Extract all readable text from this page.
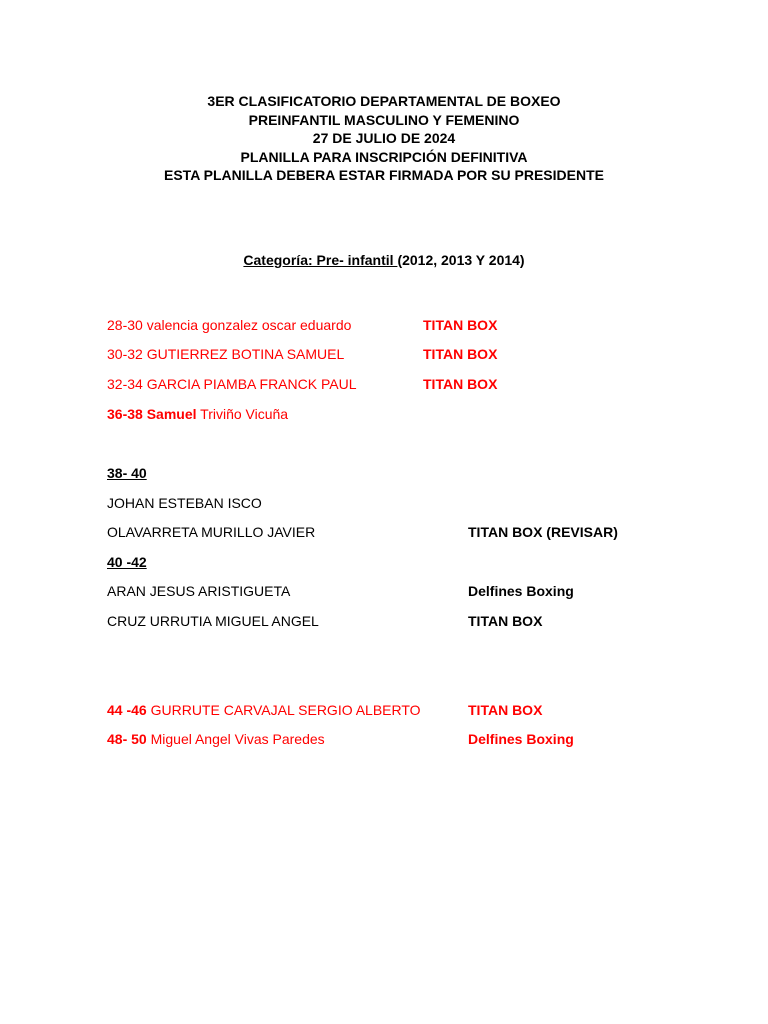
3ER CLASIFICATORIO DEPARTAMENTAL DE BOXEO
PREINFANTIL MASCULINO Y FEMENINO
27 DE JULIO DE 2024
PLANILLA PARA INSCRIPCIÓN DEFINITIVA
ESTA PLANILLA DEBERA ESTAR FIRMADA POR SU PRESIDENTE
Categoría: Pre- infantil (2012, 2013 Y 2014)
28-30 valencia gonzalez oscar eduardo	TITAN BOX
30-32 GUTIERREZ BOTINA SAMUEL	TITAN BOX
32-34 GARCIA PIAMBA FRANCK PAUL	TITAN BOX
36-38 Samuel Triviño Vicuña
38- 40
JOHAN ESTEBAN ISCO
OLAVARRETA MURILLO JAVIER	TITAN BOX (REVISAR)
40 -42
ARAN JESUS ARISTIGUETA	Delfines Boxing
CRUZ URRUTIA MIGUEL ANGEL	TITAN BOX
44 -46 GURRUTE CARVAJAL SERGIO ALBERTO	TITAN BOX
48- 50 Miguel Angel Vivas Paredes	Delfines Boxing
